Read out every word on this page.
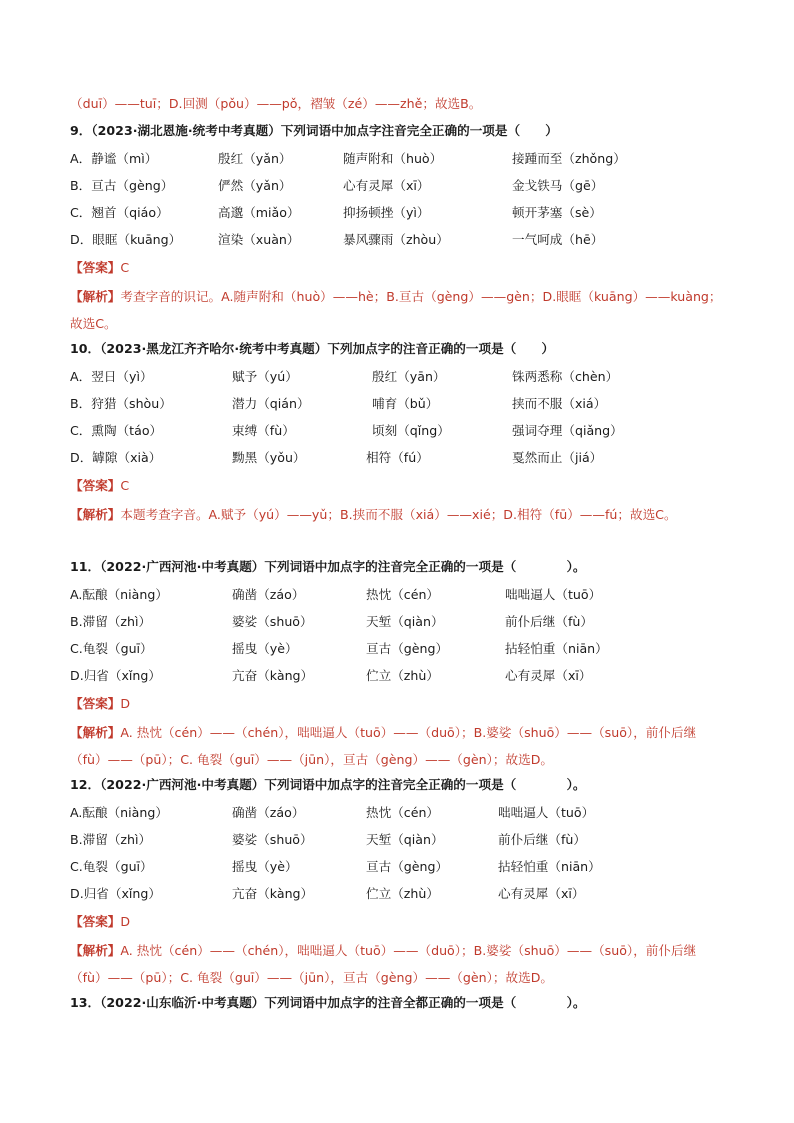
（duī）——tuī；D.回测（pǒu）——pǒ，褶皱（zé）——zhě；故选B。
9．（2023·湖北恩施·统考中考真题）下列词语中加点字注音完全正确的一项是（　　）
A．静谧（mì）	殷红（yǎn）	随声附和（huò）	接踵而至（zhǒng）
B．亘古（gèng）	俨然（yǎn）	心有灵犀（xī）	金戈铁马（gē）
C．翘首（qiáo）	高邈（miǎo）	抑扬顿挫（yì）	顿开茅塞（sè）
D．眼眶（kuāng）	渲染（xuàn）	暴风骤雨（zhòu）	一气呵成（hē）
【答案】C
【解析】考查字音的识记。A.随声附和（huò）——hè；B.亘古（gèng）——gèn；D.眼眶（kuāng）——kuàng；故选C。
10．（2023·黑龙江齐齐哈尔·统考中考真题）下列加点字的注音正确的一项是（　　）
A．翌日（yì）	赋予（yú）	殷红（yān）	铢两悉称（chèn）
B．狩猎（shòu）	潜力（qián）	哺育（bǔ）	挟而不服（xiá）
C．熏陶（táo）	束缚（fù）	顷刻（qǐng）	强词夺理（qiǎng）
D．罅隙（xià）	黝黑（yǒu）	相符（fú）	戛然而止（jiá）
【答案】C
【解析】本题考查字音。A.赋予（yú）——yǔ；B.挟而不服（xiá）——xié；D.相符（fū）——fú；故选C。
11．（2022·广西河池·中考真题）下列词语中加点字的注音完全正确的一项是（　　　　）。
A.酝酿（niàng）	确凿（záo）	热忱（cén）	咄咄逼人（tuō）
B.滞留（zhì）	婆娑（shuō）	天堑（qiàn）	前仆后继（fù）
C.龟裂（guī）	摇曳（yè）	亘古（gèng）	拈轻怕重（niān）
D.归省（xǐng）	亢奋（kàng）	伫立（zhù）	心有灵犀（xī）
【答案】D
【解析】A. 热忱（cén）——（chén），咄咄逼人（tuō）——（duō）；B.婆娑（shuō）——（suō），前仆后继（fù）——（pū）；C. 龟裂（guī）——（jūn），亘古（gèng）——（gèn）；故选D。
12．（2022·广西河池·中考真题）下列词语中加点字的注音完全正确的一项是（　　　　）。
A.酝酿（niàng）	确凿（záo）	热忱（cén）	咄咄逼人（tuō）
B.滞留（zhì）	婆娑（shuō）	天堑（qiàn）	前仆后继（fù）
C.龟裂（guī）	摇曳（yè）	亘古（gèng）	拈轻怕重（niān）
D.归省（xǐng）	亢奋（kàng）	伫立（zhù）	心有灵犀（xī）
【答案】D
【解析】A. 热忱（cén）——（chén），咄咄逼人（tuō）——（duō）；B.婆娑（shuō）——（suō），前仆后继（fù）——（pū）；C. 龟裂（guī）——（jūn），亘古（gèng）——（gèn）；故选D。
13．（2022·山东临沂·中考真题）下列词语中加点字的注音全都正确的一项是（　　　　）。
